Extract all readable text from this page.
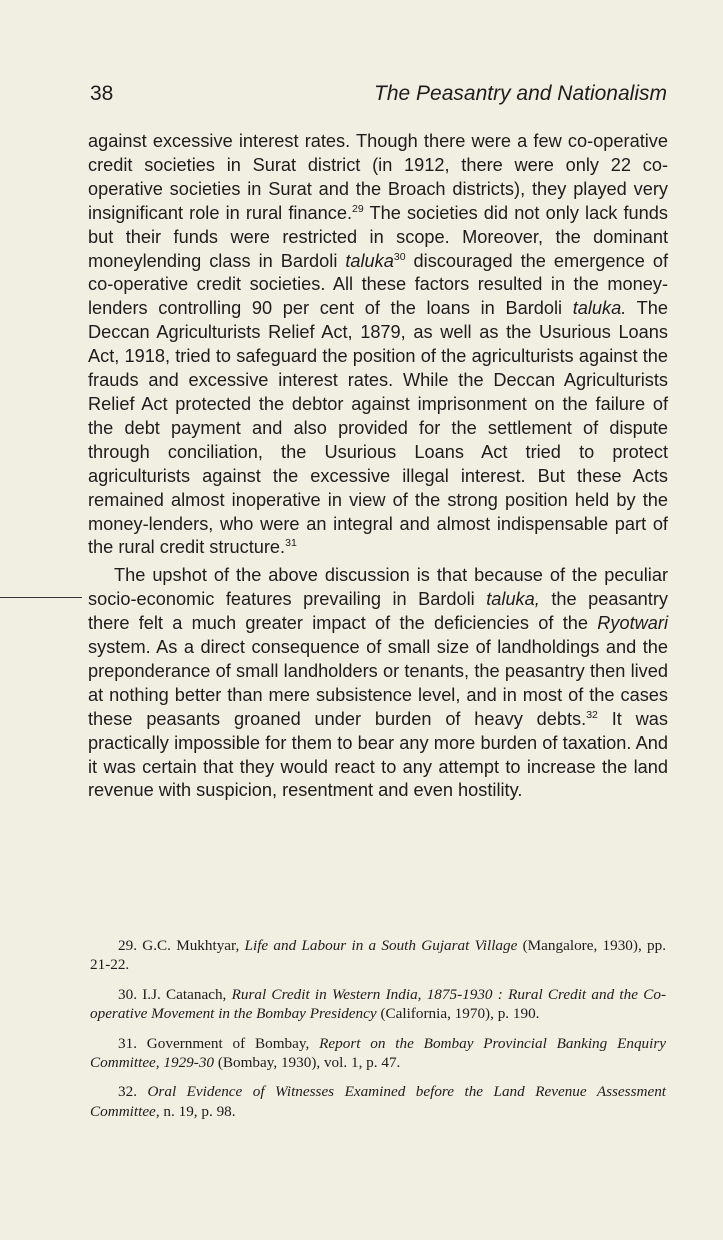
38	The Peasantry and Nationalism

against excessive interest rates. Though there were a few co-operative credit societies in Surat district (in 1912, there were only 22 co-operative societies in Surat and the Broach districts), they played very insignificant role in rural finance.$^{29}$ The societies did not only lack funds but their funds were restricted in scope. Moreover, the dominant moneylending class in Bardoli taluka$^{30}$ discouraged the emergence of co-operative credit societies. All these factors resulted in the money-lenders controlling 90 per cent of the loans in Bardoli taluka. The Deccan Agriculturists Relief Act, 1879, as well as the Usurious Loans Act, 1918, tried to safeguard the position of the agriculturists against the frauds and excessive interest rates. While the Deccan Agriculturists Relief Act protected the debtor against imprisonment on the failure of the debt payment and also provided for the settlement of dispute through conciliation, the Usurious Loans Act tried to protect agriculturists against the excessive illegal interest. But these Acts remained almost inoperative in view of the strong position held by the money-lenders, who were an integral and almost indispensable part of the rural credit structure.$^{31}$

The upshot of the above discussion is that because of the peculiar socio-economic features prevailing in Bardoli taluka, the peasantry there felt a much greater impact of the deficiencies of the Ryotwari system. As a direct consequence of small size of landholdings and the preponderance of small landholders or tenants, the peasantry then lived at nothing better than mere subsistence level, and in most of the cases these peasants groaned under burden of heavy debts.$^{32}$ It was practically impossible for them to bear any more burden of taxation. And it was certain that they would react to any attempt to increase the land revenue with suspicion, resentment and even hostility.

29. G.C. Mukhtyar, Life and Labour in a South Gujarat Village (Mangalore, 1930), pp. 21-22.

30. I.J. Catanach, Rural Credit in Western India, 1875-1930 : Rural Credit and the Co-operative Movement in the Bombay Presidency (California, 1970), p. 190.

31. Government of Bombay, Report on the Bombay Provincial Banking Enquiry Committee, 1929-30 (Bombay, 1930), vol. 1, p. 47.

32. Oral Evidence of Witnesses Examined before the Land Revenue Assessment Committee, n. 19, p. 98.
